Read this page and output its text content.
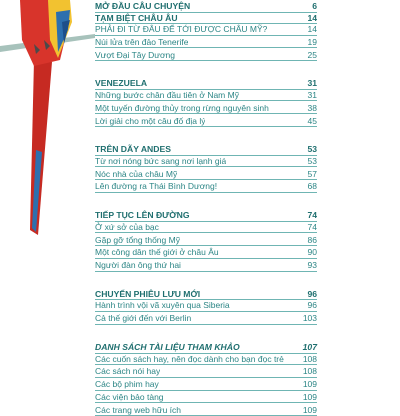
MỞ ĐẦU CÂU CHUYỆN	6
TẠM BIỆT CHÂU ÂU	14
PHẢI ĐI TỪ ĐÂU ĐỂ TỚI ĐƯỢC CHÂU MỸ?	14
Núi lửa trên đảo Tenerife	19
Vượt Đại Tây Dương	25
VENEZUELA	31
Những bước chân đầu tiên ở Nam Mỹ	31
Một tuyến đường thủy trong rừng nguyên sinh	38
Lời giải cho một câu đố địa lý	45
TRÊN DÃY ANDES	53
Từ nơi nóng bức sang nơi lạnh giá	53
Nóc nhà của châu Mỹ	57
Lên đường ra Thái Bình Dương!	68
TIẾP TỤC LÊN ĐƯỜNG	74
Ở xứ sở của bạc	74
Gặp gỡ tổng thống Mỹ	86
Một công dân thế giới ở châu Âu	90
Người đàn ông thứ hai	93
CHUYẾN PHIÊU LƯU MỚI	96
Hành trình vội vã xuyên qua Siberia	96
Cả thế giới đến với Berlin	103
DANH SÁCH TÀI LIỆU THAM KHẢO	107
Các cuốn sách hay, nên đọc dành cho bạn đọc trẻ 108
Các sách nói hay	108
Các bộ phim hay	109
Các viện bảo tàng	109
Các trang web hữu ích	109
